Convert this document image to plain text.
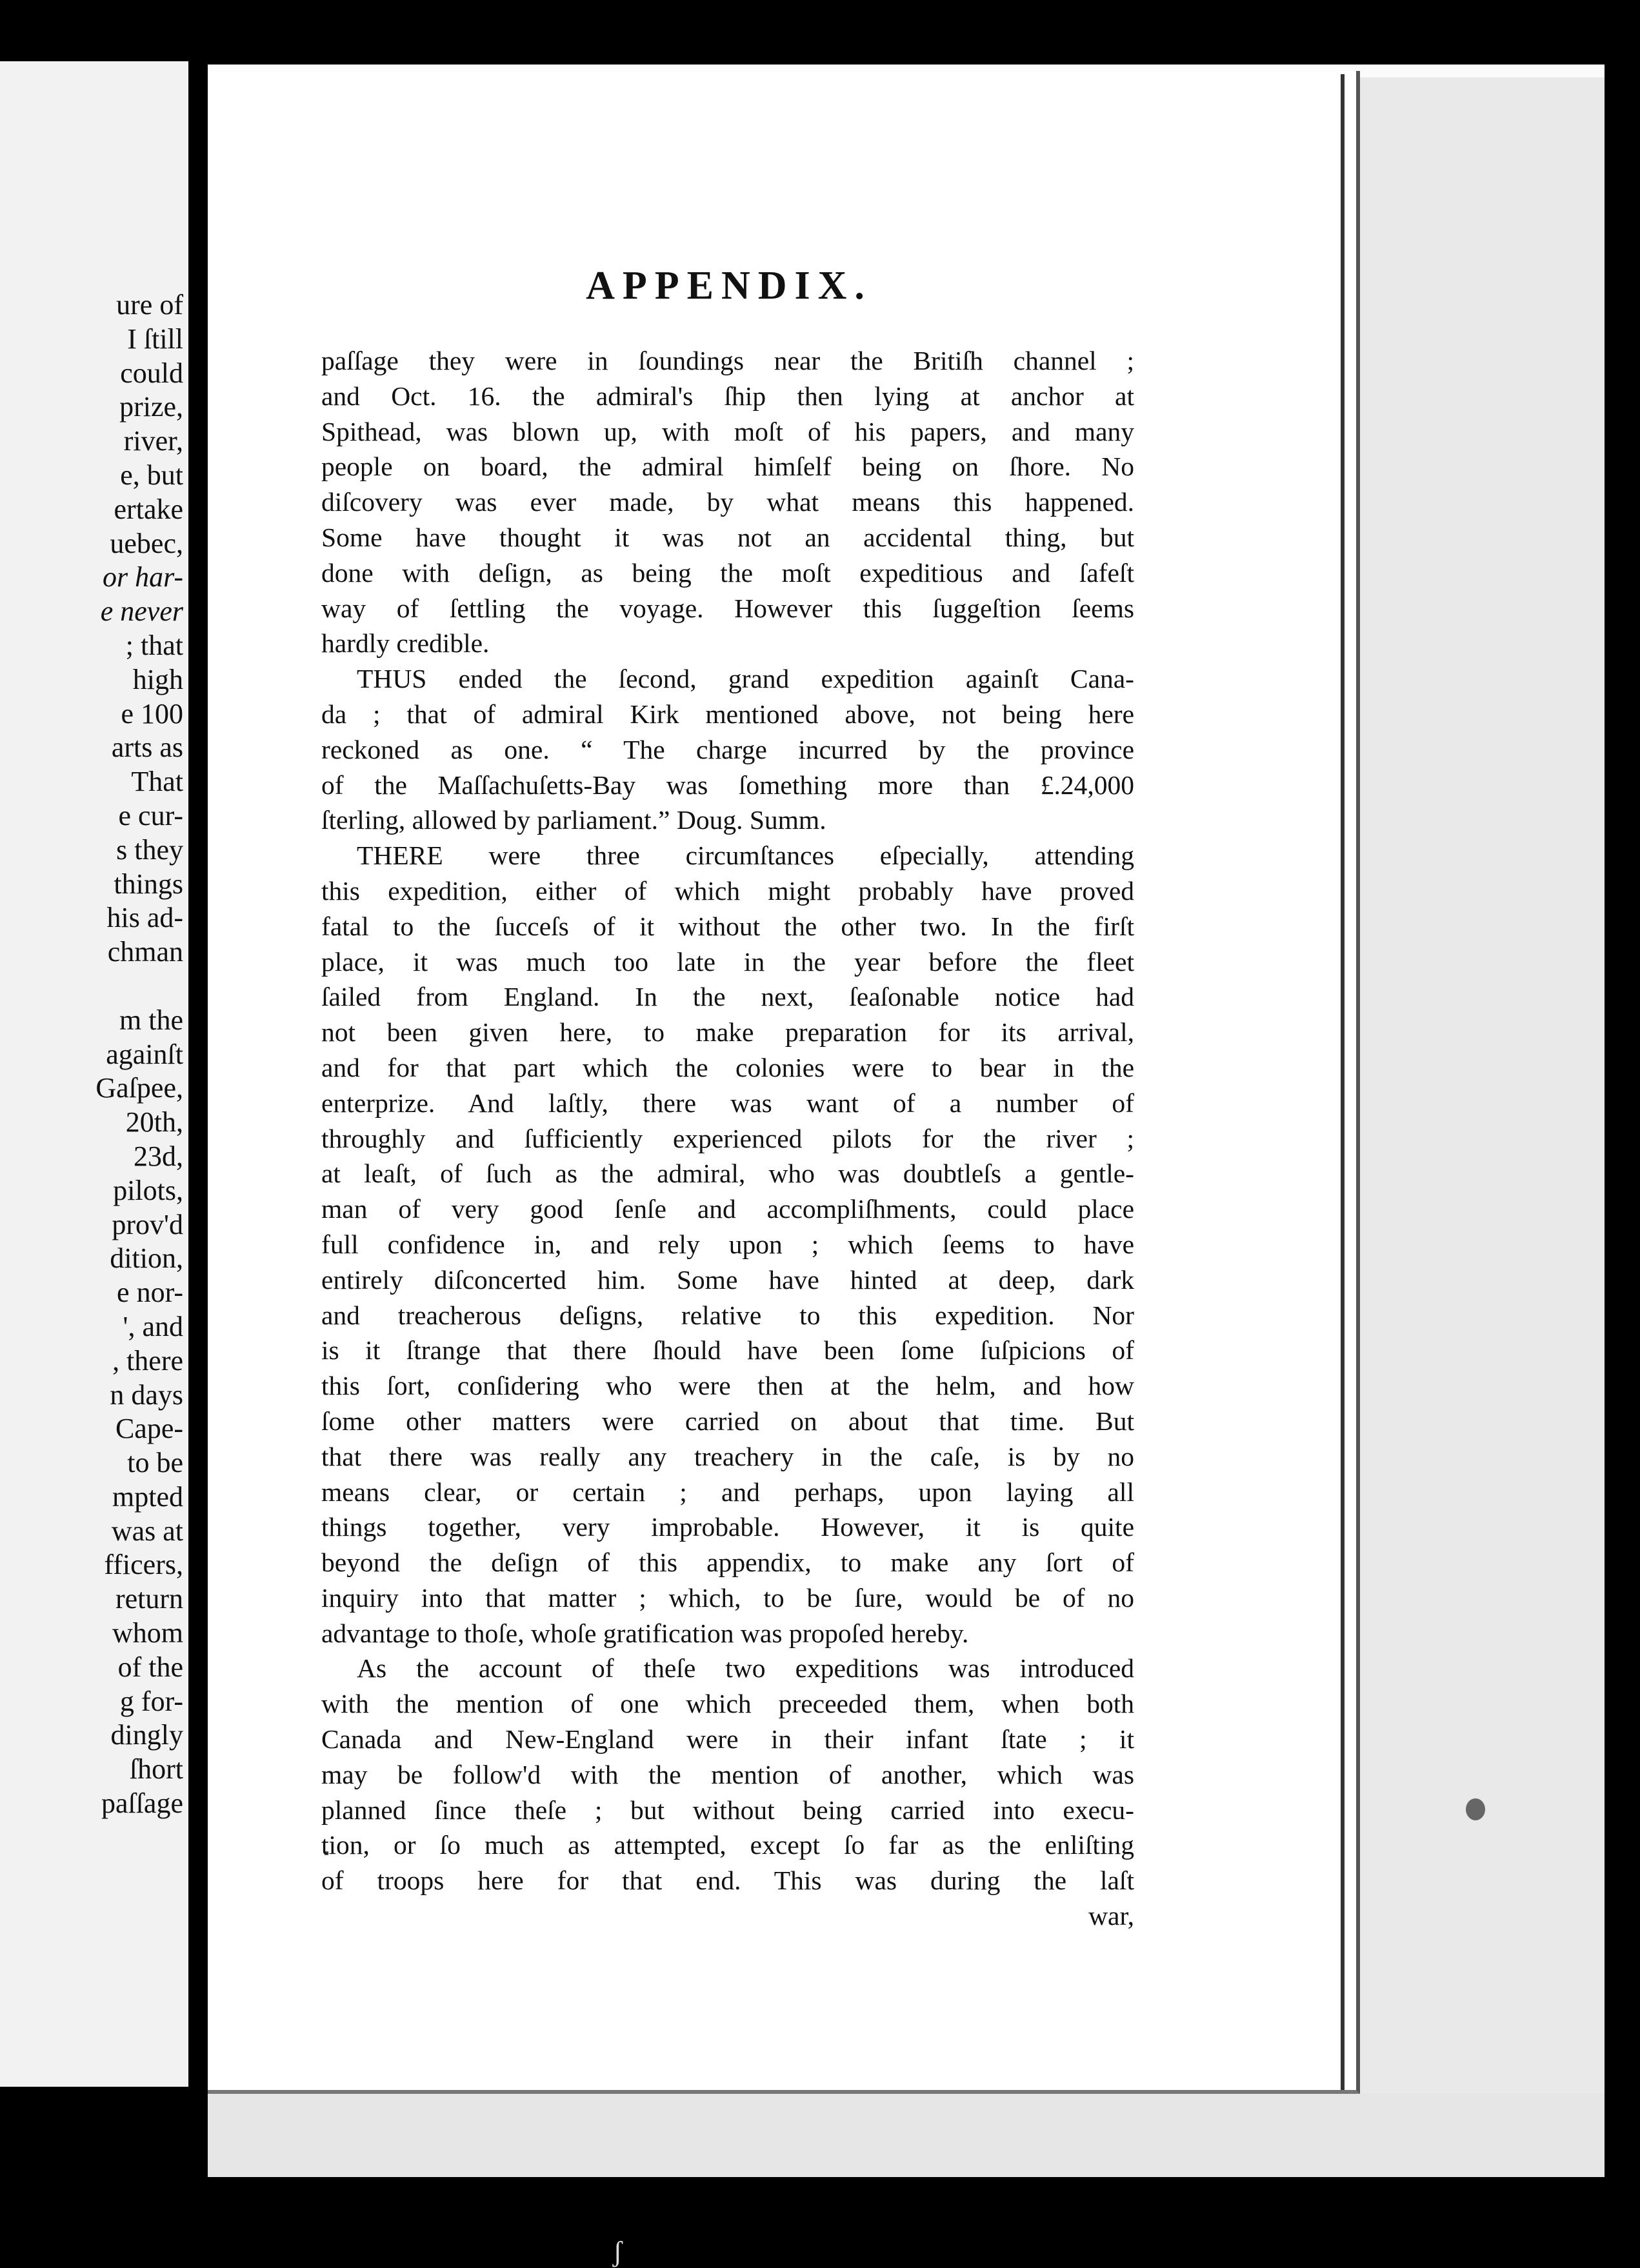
ure of
I ſtill
could
prize,
river,
e, but
ertake
uebec,
or har-
e never
; that
high
e 100
arts as
That
e cur-
s they
things
his ad-
chman
m the
againſt
Gaſpee,
20th,
23d,
pilots,
prov'd
dition,
e nor-
', and
, there
n days
Cape-
to be
mpted
was at
fficers,
return
whom
of the
g for-
dingly
ſhort
paſſage
ʃ
APPENDIX.
paſſage they were in ſoundings near the Britiſh channel ;
and Oct. 16. the admiral's ſhip then lying at anchor at
Spithead, was blown up, with moſt of his papers, and many
people on board, the admiral himſelf being on ſhore. No
diſcovery was ever made, by what means this happened.
Some have thought it was not an accidental thing, but
done with deſign, as being the moſt expeditious and ſafeſt
way of ſettling the voyage. However this ſuggeſtion ſeems
hardly credible.
THUS ended the ſecond, grand expedition againſt Cana-
da ; that of admiral Kirk mentioned above, not being here
reckoned as one. “ The charge incurred by the province
of the Maſſachuſetts-Bay was ſomething more than £.24,000
ſterling, allowed by parliament.” Doug. Summ.
THERE were three circumſtances eſpecially, attending
this expedition, either of which might probably have proved
fatal to the ſucceſs of it without the other two. In the firſt
place, it was much too late in the year before the fleet
ſailed from England. In the next, ſeaſonable notice had
not been given here, to make preparation for its arrival,
and for that part which the colonies were to bear in the
enterprize. And laſtly, there was want of a number of
throughly and ſufficiently experienced pilots for the river ;
at leaſt, of ſuch as the admiral, who was doubtleſs a gentle-
man of very good ſenſe and accompliſhments, could place
full confidence in, and rely upon ; which ſeems to have
entirely diſconcerted him. Some have hinted at deep, dark
and treacherous deſigns, relative to this expedition. Nor
is it ſtrange that there ſhould have been ſome ſuſpicions of
this ſort, conſidering who were then at the helm, and how
ſome other matters were carried on about that time. But
that there was really any treachery in the caſe, is by no
means clear, or certain ; and perhaps, upon laying all
things together, very improbable. However, it is quite
beyond the deſign of this appendix, to make any ſort of
inquiry into that matter ; which, to be ſure, would be of no
advantage to thoſe, whoſe gratification was propoſed hereby.
As the account of theſe two expeditions was introduced
with the mention of one which preceeded them, when both
Canada and New-England were in their infant ſtate ; it
may be follow'd with the mention of another, which was
planned ſince theſe ; but without being carried into execu-
tion, or ſo much as attempted, except ſo far as the enliſting
of troops here for that end. This was during the laſt
war,
